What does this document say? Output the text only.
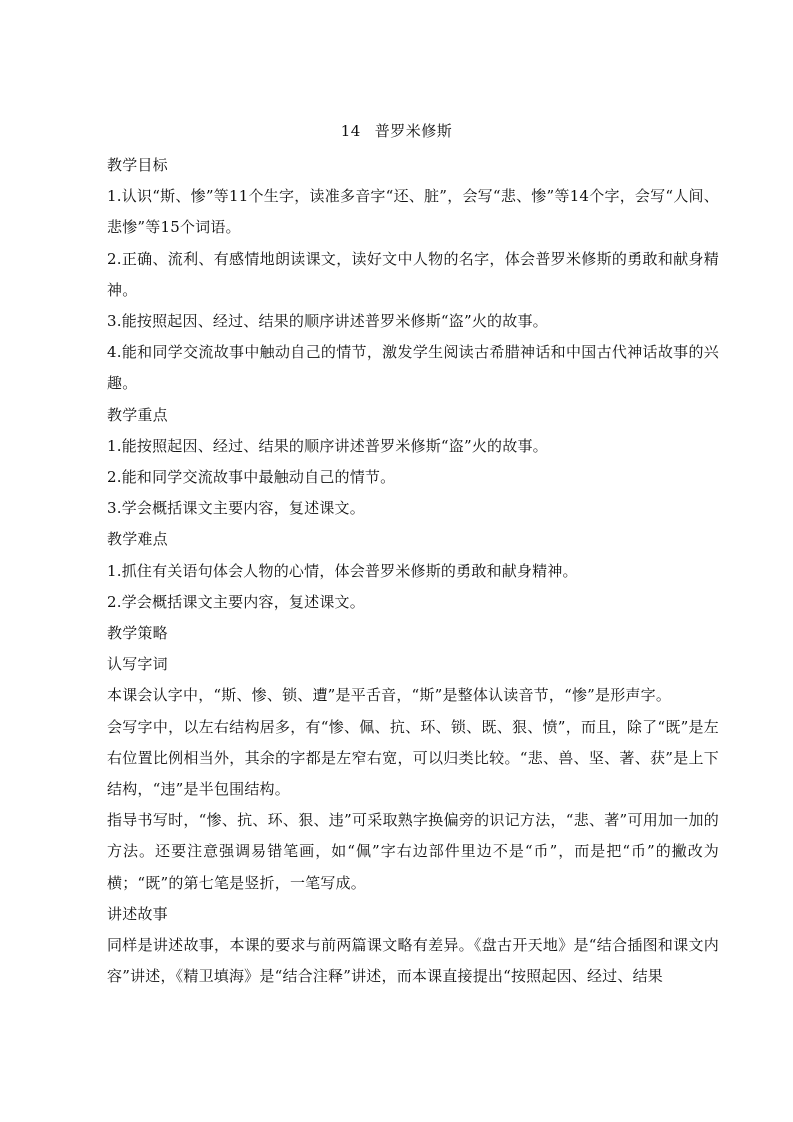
14 普罗米修斯

教学目标

1.认识“斯、惨”等11个生字，读准多音字“还、脏”，会写“悲、惨”等14个字，会写“人间、悲惨”等15个词语。

2.正确、流利、有感情地朗读课文，读好文中人物的名字，体会普罗米修斯的勇敢和献身精神。

3.能按照起因、经过、结果的顺序讲述普罗米修斯“盗”火的故事。

4.能和同学交流故事中触动自己的情节，激发学生阅读古希腊神话和中国古代神话故事的兴趣。

教学重点

1.能按照起因、经过、结果的顺序讲述普罗米修斯“盗”火的故事。

2.能和同学交流故事中最触动自己的情节。

3.学会概括课文主要内容，复述课文。

教学难点

1.抓住有关语句体会人物的心情，体会普罗米修斯的勇敢和献身精神。

2.学会概括课文主要内容，复述课文。

教学策略

认写字词

本课会认字中，“斯、惨、锁、遭”是平舌音，“斯”是整体认读音节，“惨”是形声字。

会写字中，以左右结构居多，有“惨、佩、抗、环、锁、既、狠、愤”，而且，除了“既”是左右位置比例相当外，其余的字都是左窄右宽，可以归类比较。“悲、兽、坚、著、获”是上下结构，“违”是半包围结构。

指导书写时，“惨、抗、环、狠、违”可采取熟字换偏旁的识记方法，“悲、著”可用加一加的方法。还要注意强调易错笔画，如“佩”字右边部件里边不是“币”，而是把“币”的撇改为横；“既”的第七笔是竖折，一笔写成。

讲述故事

同样是讲述故事，本课的要求与前两篇课文略有差异。《盘古开天地》是“结合插图和课文内容”讲述，《精卫填海》是“结合注释”讲述，而本课直接提出“按照起因、经过、结果
